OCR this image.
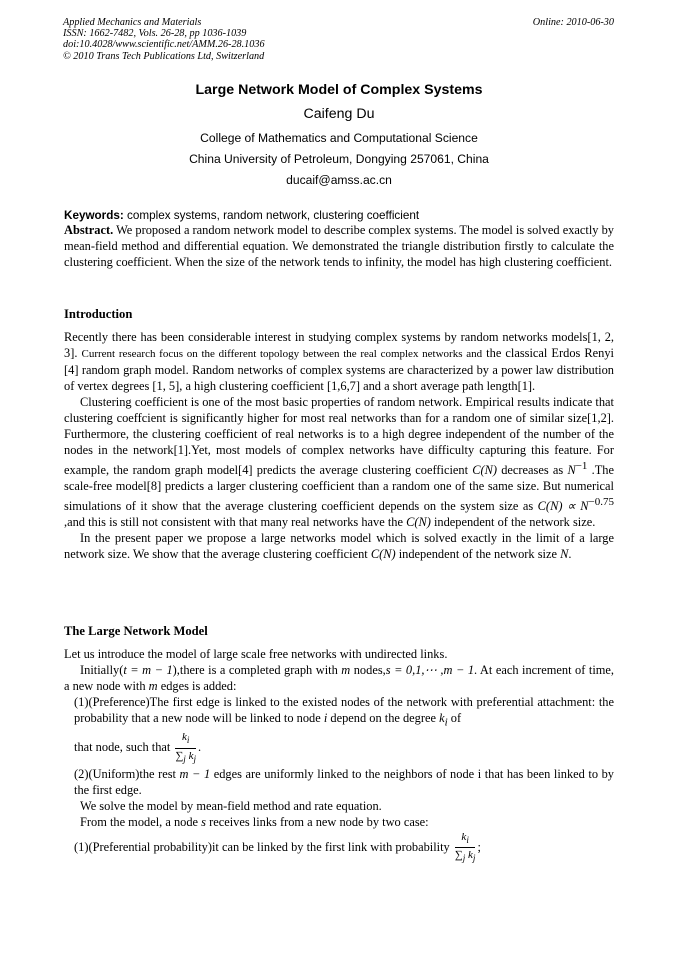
Applied Mechanics and Materials
ISSN: 1662-7482, Vols. 26-28, pp 1036-1039
doi:10.4028/www.scientific.net/AMM.26-28.1036
© 2010 Trans Tech Publications Ltd, Switzerland
Online: 2010-06-30
Large Network Model of Complex Systems
Caifeng Du
College of Mathematics and Computational Science
China University of Petroleum, Dongying 257061, China
ducaif@amss.ac.cn
Keywords: complex systems, random network, clustering coefficient
Abstract. We proposed a random network model to describe complex systems. The model is solved exactly by mean-field method and differential equation. We demonstrated the triangle distribution firstly to calculate the clustering coefficient. When the size of the network tends to infinity, the model has high clustering coefficient.
Introduction

Recently there has been considerable interest in studying complex systems by random networks models[1, 2, 3]. Current research focus on the different topology between the real complex networks and the classical Erdos Renyi [4] random graph model. Random networks of complex systems are characterized by a power law distribution of vertex degrees [1, 5], a high clustering coefficient [1,6,7] and a short average path length[1].

Clustering coefficient is one of the most basic properties of random network. Empirical results indicate that clustering coeffcient is significantly higher for most real networks than for a random one of similar size[1,2]. Furthermore, the clustering coefficient of real networks is to a high degree independent of the number of the nodes in the network[1].Yet, most models of complex networks have difficulty capturing this feature. For example, the random graph model[4] predicts the average clustering coefficient C(N) decreases as $N^{-1}$ .The scale-free model[8] predicts a larger clustering coefficient than a random one of the same size. But numerical simulations of it show that the average clustering coefficient depends on the system size as $C(N) \propto N^{-0.75}$ ,and this is still not consistent with that many real networks have the C(N) independent of the network size.

In the present paper we propose a large networks model which is solved exactly in the limit of a large network size. We show that the average clustering coefficient C(N) independent of the network size N.

The Large Network Model

Let us introduce the model of large scale free networks with undirected links.

Initially(t = m − 1),there is a completed graph with m nodes,s = 0,1,⋯ ,m − 1. At each increment of time, a new node with m edges is added:

(1)(Preference)The first edge is linked to the existed nodes of the network with preferential attachment: the probability that a new node will be linked to node i depend on the degree $k_i$ of

that node, such that $\frac{k_i}{\sum_j k_j}$ .

(2)(Uniform)the rest m − 1 edges are uniformly linked to the neighbors of node i that has been linked to by the first edge.

We solve the model by mean-field method and rate equation.

From the model, a node s receives links from a new node by two case:

(1)(Preferential probability)it can be linked by the first link with probability $\frac{k_i}{\sum_j k_j}$ ;
